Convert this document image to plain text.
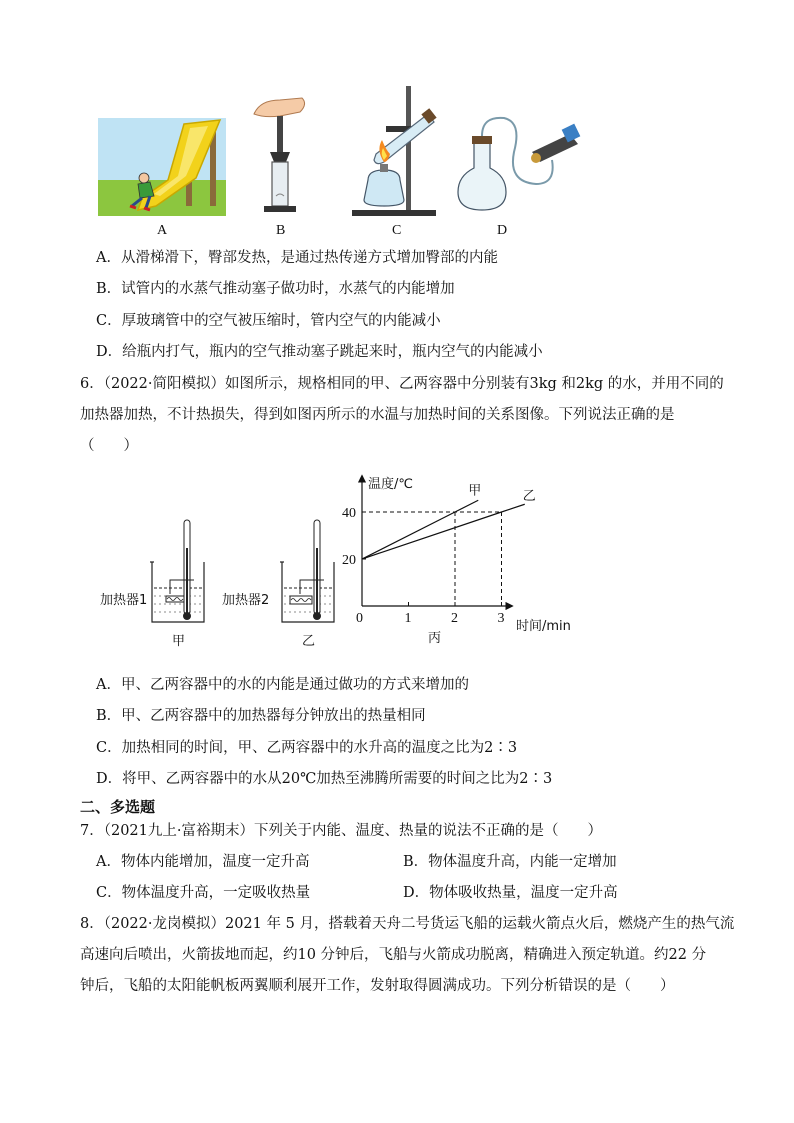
A	B	C	D
A．从滑梯滑下，臀部发热，是通过热传递方式增加臀部的内能
B．试管内的水蒸气推动塞子做功时，水蒸气的内能增加
C．厚玻璃管中的空气被压缩时，管内空气的内能减小
D．给瓶内打气，瓶内的空气推动塞子跳起来时，瓶内空气的内能减小
6．（2022·简阳模拟）如图所示，规格相同的甲、乙两容器中分别装有3kg 和2kg 的水，并用不同的
加热器加热，不计热损失，得到如图丙所示的水温与加热时间的关系图像。下列说法正确的是
（　　）
加热器1
甲
加热器2
乙
甲	乙
0	1	2	3
20
40
温度/℃
时间/min
丙
A．甲、乙两容器中的水的内能是通过做功的方式来增加的
B．甲、乙两容器中的加热器每分钟放出的热量相同
C．加热相同的时间，甲、乙两容器中的水升高的温度之比为2∶3
D．将甲、乙两容器中的水从20℃加热至沸腾所需要的时间之比为2∶3
二、多选题
7．（2021九上·富裕期末）下列关于内能、温度、热量的说法不正确的是（　　）
A．物体内能增加，温度一定升高	B．物体温度升高，内能一定增加
C．物体温度升高，一定吸收热量	D．物体吸收热量，温度一定升高
8．（2022·龙岗模拟）2021 年 5 月，搭载着天舟二号货运飞船的运载火箭点火后，燃烧产生的热气流
高速向后喷出，火箭拔地而起，约10 分钟后，飞船与火箭成功脱离，精确进入预定轨道。约22 分
钟后，飞船的太阳能帆板两翼顺利展开工作，发射取得圆满成功。下列分析错误的是（　　）
